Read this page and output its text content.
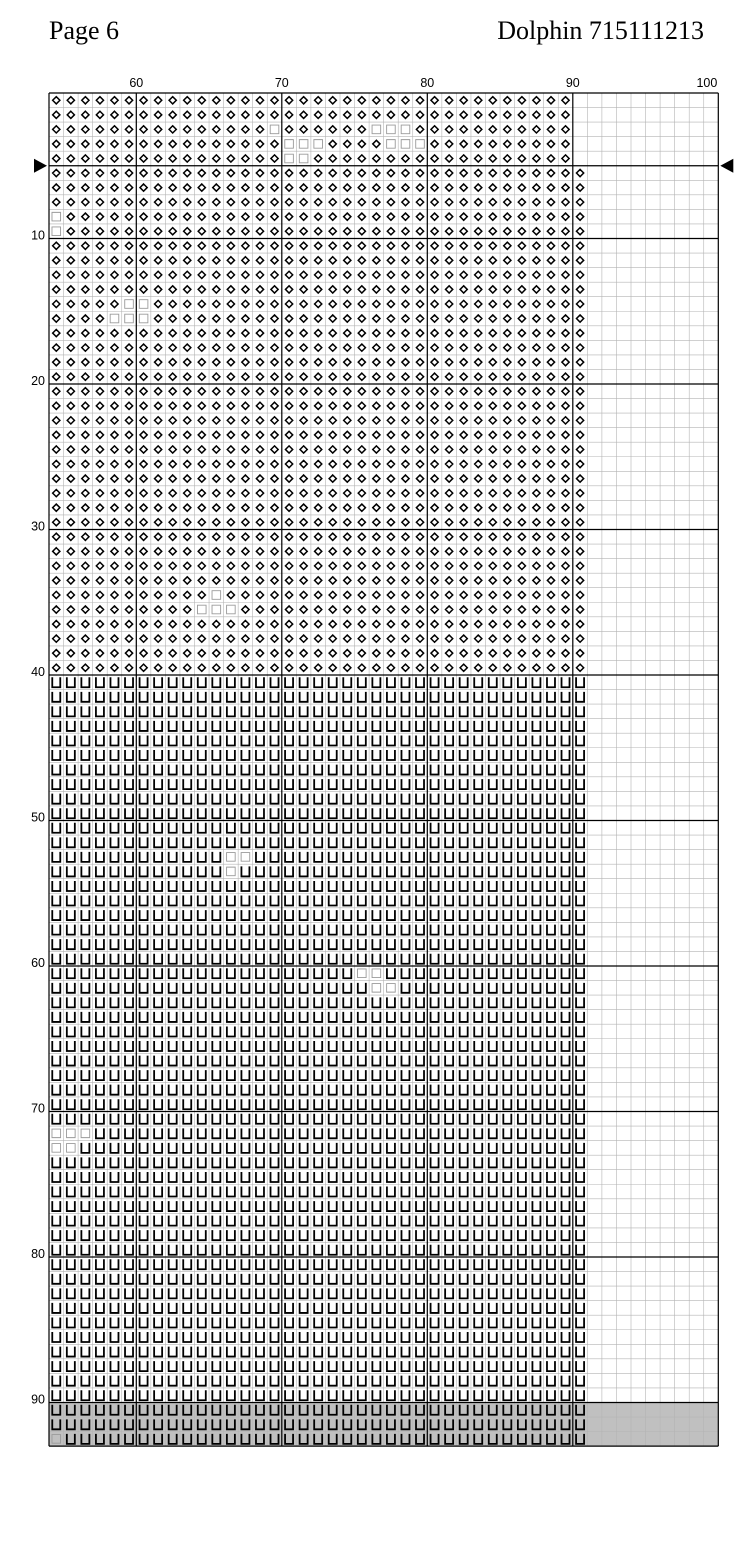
Page 6	Dolphin 715111213
60	70	80	90	100
10
20
30
40
50
60
70
80
90
